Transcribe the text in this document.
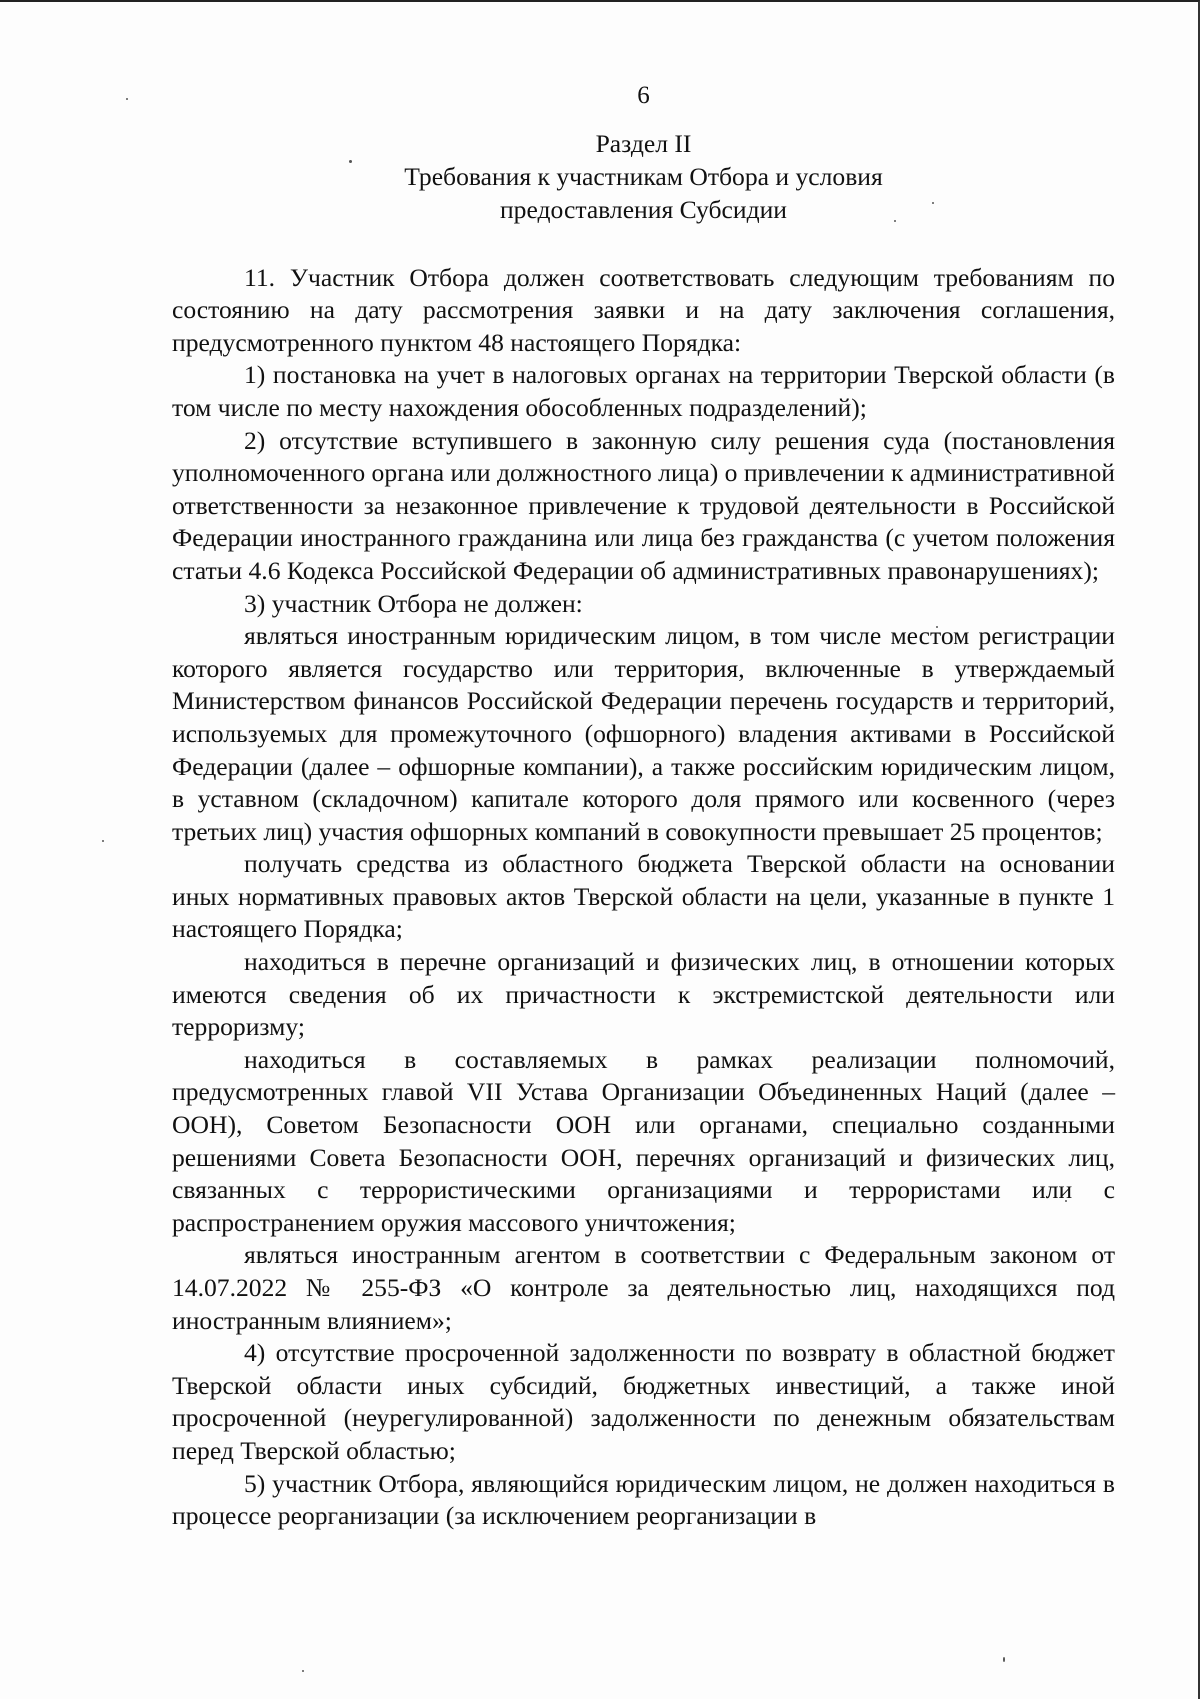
6
Раздел II
Требования к участникам Отбора и условия
предоставления Субсидии

11. Участник Отбора должен соответствовать следующим требованиям по состоянию на дату рассмотрения заявки и на дату заключения соглашения, предусмотренного пунктом 48 настоящего Порядка:

1) постановка на учет в налоговых органах на территории Тверской области (в том числе по месту нахождения обособленных подразделений);

2) отсутствие вступившего в законную силу решения суда (постановления уполномоченного органа или должностного лица) о привлечении к административной ответственности за незаконное привлечение к трудовой деятельности в Российской Федерации иностранного гражданина или лица без гражданства (с учетом положения статьи 4.6 Кодекса Российской Федерации об административных правонарушениях);

3) участник Отбора не должен:

являться иностранным юридическим лицом, в том числе местом регистрации которого является государство или территория, включенные в утверждаемый Министерством финансов Российской Федерации перечень государств и территорий, используемых для промежуточного (офшорного) владения активами в Российской Федерации (далее – офшорные компании), а также российским юридическим лицом, в уставном (складочном) капитале которого доля прямого или косвенного (через третьих лиц) участия офшорных компаний в совокупности превышает 25 процентов;

получать средства из областного бюджета Тверской области на основании иных нормативных правовых актов Тверской области на цели, указанные в пункте 1 настоящего Порядка;

находиться в перечне организаций и физических лиц, в отношении которых имеются сведения об их причастности к экстремистской деятельности или терроризму;

находиться в составляемых в рамках реализации полномочий, предусмотренных главой VII Устава Организации Объединенных Наций (далее – ООН), Советом Безопасности ООН или органами, специально созданными решениями Совета Безопасности ООН, перечнях организаций и физических лиц, связанных с террористическими организациями и террористами или с распространением оружия массового уничтожения;

являться иностранным агентом в соответствии с Федеральным законом от 14.07.2022 № 255-ФЗ «О контроле за деятельностью лиц, находящихся под иностранным влиянием»;

4) отсутствие просроченной задолженности по возврату в областной бюджет Тверской области иных субсидий, бюджетных инвестиций, а также иной просроченной (неурегулированной) задолженности по денежным обязательствам перед Тверской областью;

5) участник Отбора, являющийся юридическим лицом, не должен находиться в процессе реорганизации (за исключением реорганизации в
